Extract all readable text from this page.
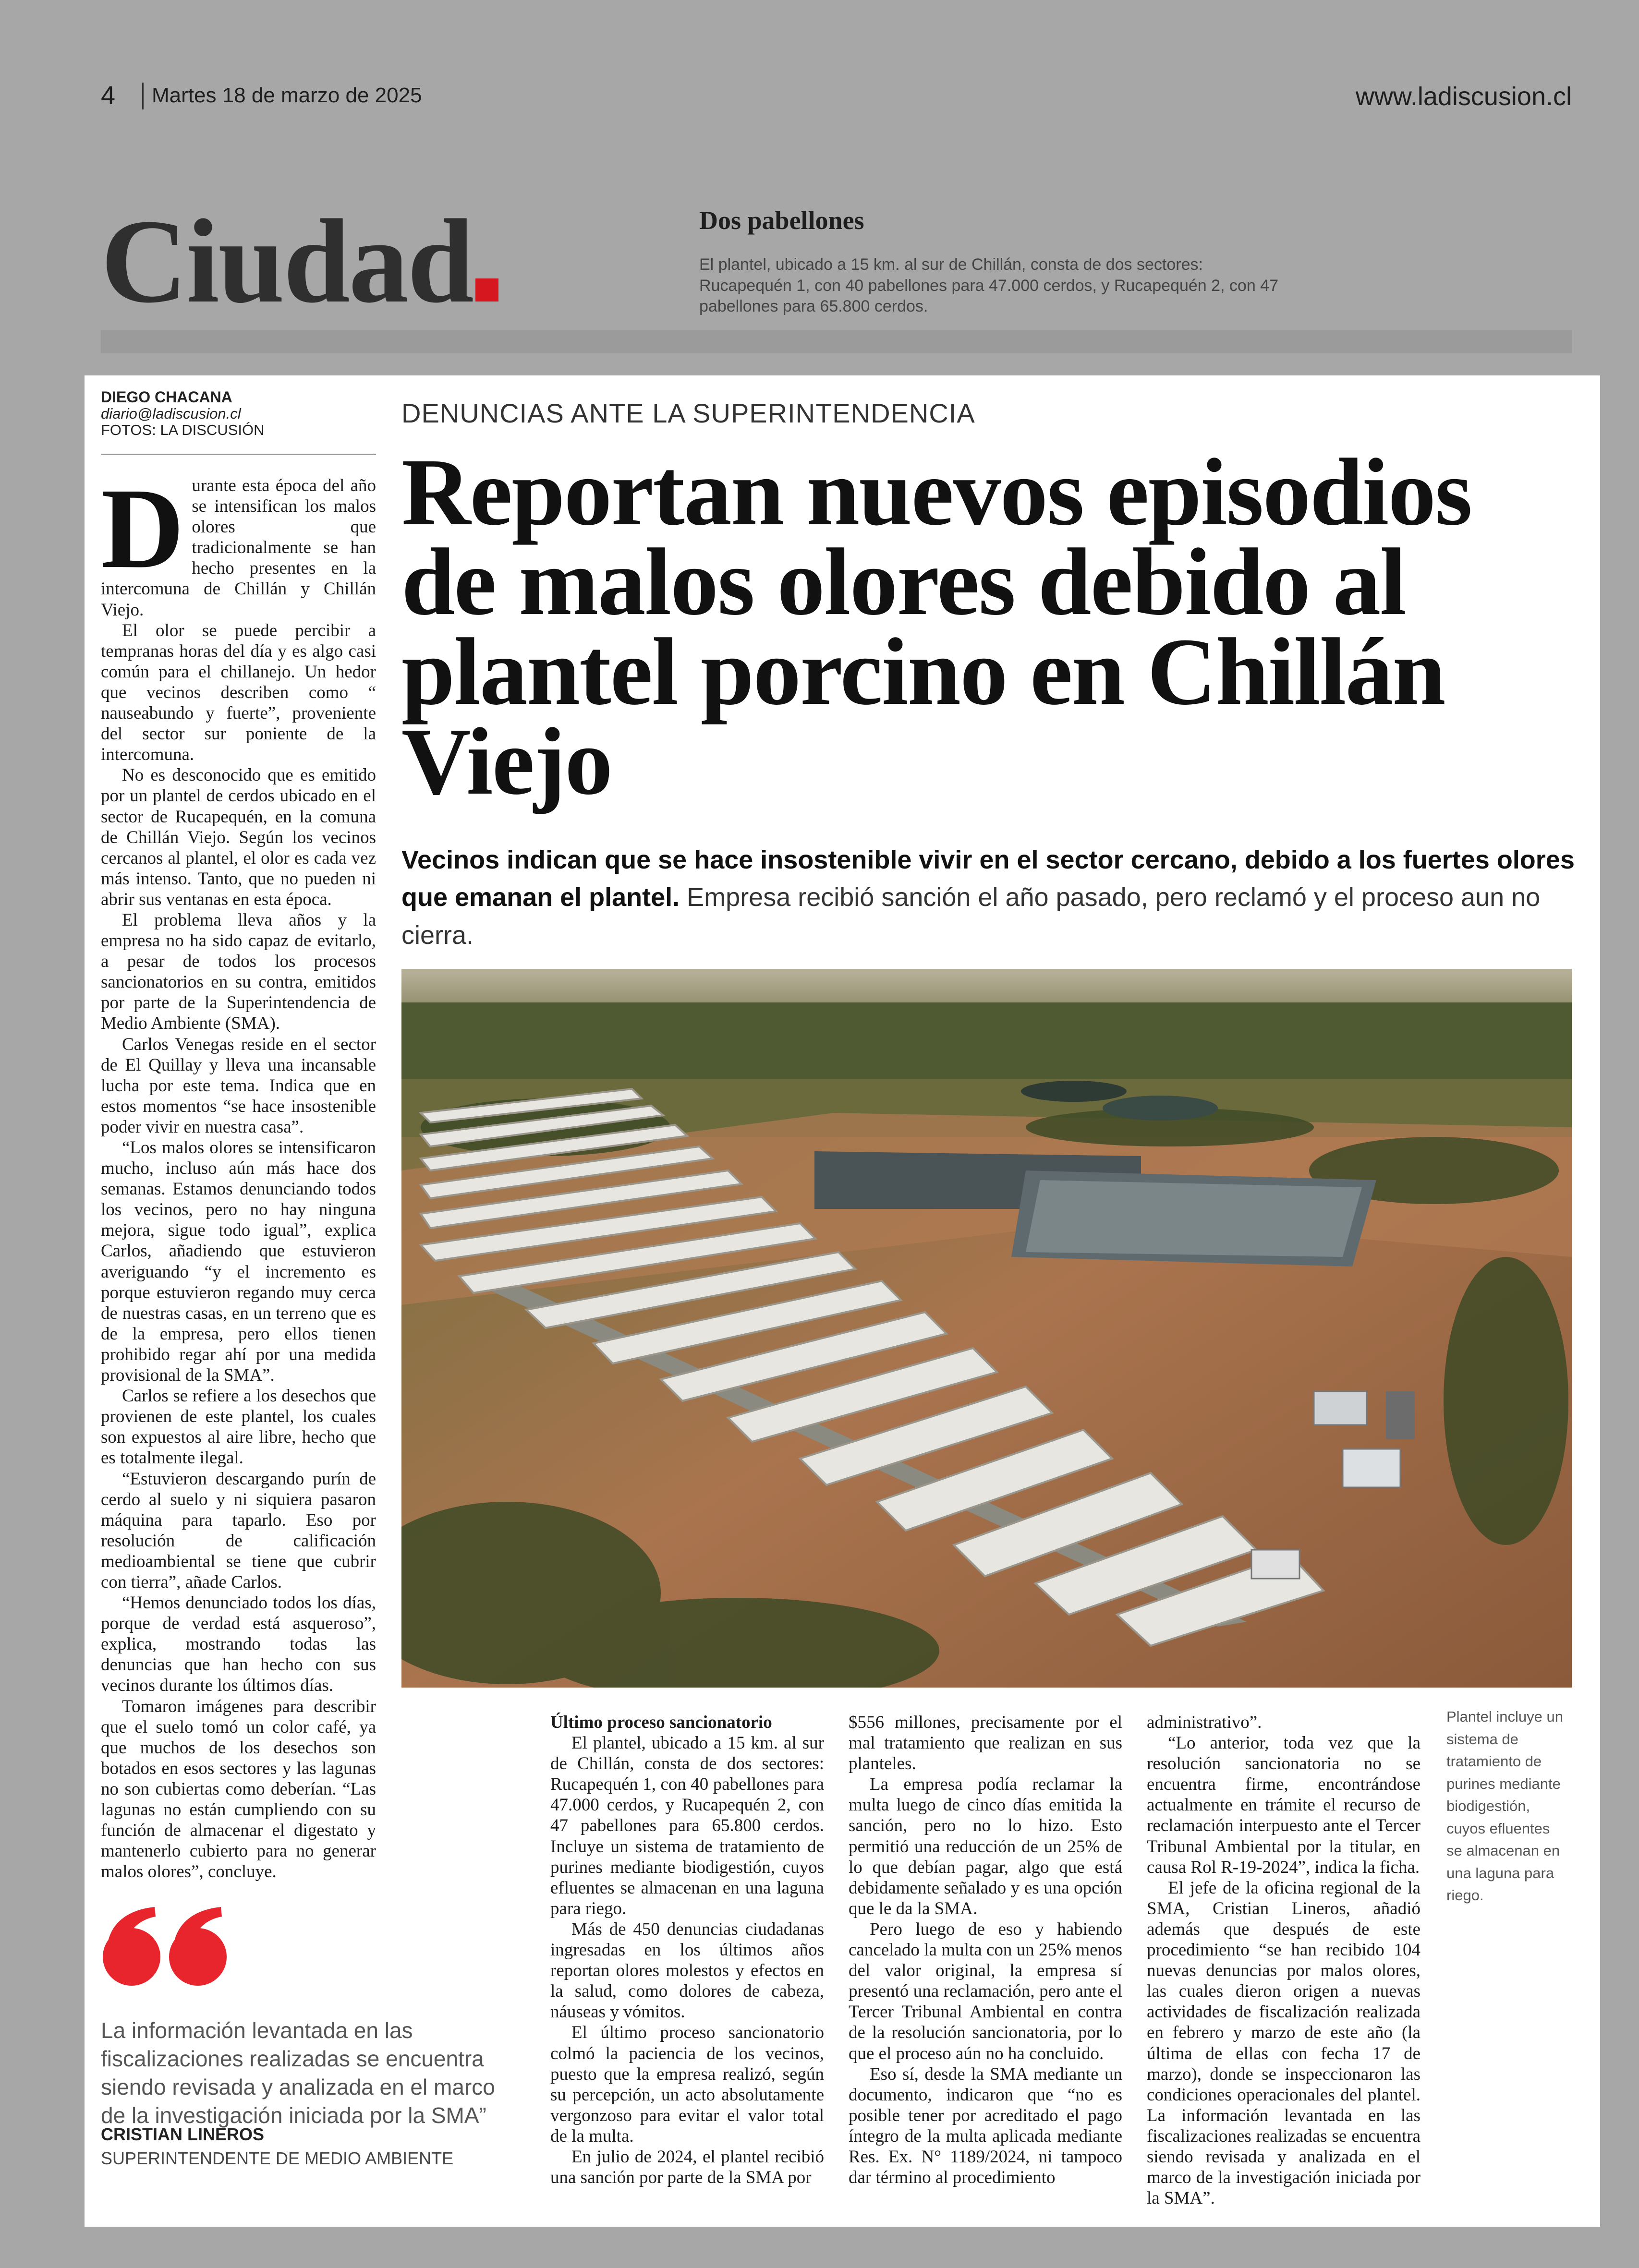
4 Martes 18 de marzo de 2025	www.ladiscusion.cl
Ciudad	Dos pabellones
El plantel, ubicado a 15 km. al sur de Chillán, consta de dos sectores: Rucapequén 1, con 40 pabellones para 47.000 cerdos, y Rucapequén 2, con 47 pabellones para 65.800 cerdos.
DIEGO CHACANA
diario@ladiscusion.cl
FOTOS: LA DISCUSIÓN
DENUNCIAS ANTE LA SUPERINTENDENCIA
Reportan nuevos episodios de malos olores debido al plantel porcino en Chillán Viejo
Vecinos indican que se hace insostenible vivir en el sector cercano, debido a los fuertes olores que emanan el plantel. Empresa recibió sanción el año pasado, pero reclamó y el proceso aun no cierra.
D urante esta época del año se intensifican los malos olores que tradicionalmente se han hecho presentes en la intercomuna de Chillán y Chillán Viejo.

El olor se puede percibir a tempranas horas del día y es algo casi común para el chillanejo. Un hedor que vecinos describen como “ nauseabundo y fuerte”, proveniente del sector sur poniente de la intercomuna.

No es desconocido que es emitido por un plantel de cerdos ubicado en el sector de Rucapequén, en la comuna de Chillán Viejo. Según los vecinos cercanos al plantel, el olor es cada vez más intenso. Tanto, que no pueden ni abrir sus ventanas en esta época.

El problema lleva años y la empresa no ha sido capaz de evitarlo, a pesar de todos los procesos sancionatorios en su contra, emitidos por parte de la Superintendencia de Medio Ambiente (SMA).

Carlos Venegas reside en el sector de El Quillay y lleva una incansable lucha por este tema. Indica que en estos momentos “se hace insostenible poder vivir en nuestra casa”.

“Los malos olores se intensificaron mucho, incluso aún más hace dos semanas. Estamos denunciando todos los vecinos, pero no hay ninguna mejora, sigue todo igual”, explica Carlos, añadiendo que estuvieron averiguando “y el incremento es porque estuvieron regando muy cerca de nuestras casas, en un terreno que es de la empresa, pero ellos tienen prohibido regar ahí por una medida provisional de la SMA”.

Carlos se refiere a los desechos que provienen de este plantel, los cuales son expuestos al aire libre, hecho que es totalmente ilegal.

“Estuvieron descargando purín de cerdo al suelo y ni siquiera pasaron máquina para taparlo. Eso por resolución de calificación medioambiental se tiene que cubrir con tierra”, añade Carlos.

“Hemos denunciado todos los días, porque de verdad está asqueroso”, explica, mostrando todas las denuncias que han hecho con sus vecinos durante los últimos días.

Tomaron imágenes para describir que el suelo tomó un color café, ya que muchos de los desechos son botados en esos sectores y las lagunas no son cubiertas como deberían. “Las lagunas no están cumpliendo con su función de almacenar el digestato y mantenerlo cubierto para no generar malos olores”, concluye.

Último proceso sancionatorio

El plantel, ubicado a 15 km. al sur de Chillán, consta de dos sectores: Rucapequén 1, con 40 pabellones para 47.000 cerdos, y Rucapequén 2, con 47 pabellones para 65.800 cerdos. Incluye un sistema de tratamiento de purines mediante biodigestión, cuyos efluentes se almacenan en una laguna para riego.

Más de 450 denuncias ciudadanas ingresadas en los últimos años reportan olores molestos y efectos en la salud, como dolores de cabeza, náuseas y vómitos.

El último proceso sancionatorio colmó la paciencia de los vecinos, puesto que la empresa realizó, según su percepción, un acto absolutamente vergonzoso para evitar el valor total de la multa.

En julio de 2024, el plantel recibió una sanción por parte de la SMA por

$556 millones, precisamente por el mal tratamiento que realizan en sus planteles.

La empresa podía reclamar la multa luego de cinco días emitida la sanción, pero no lo hizo. Esto permitió una reducción de un 25% de lo que debían pagar, algo que está debidamente señalado y es una opción que le da la SMA.

Pero luego de eso y habiendo cancelado la multa con un 25% menos del valor original, la empresa sí presentó una reclamación, pero ante el Tercer Tribunal Ambiental en contra de la resolución sancionatoria, por lo que el proceso aún no ha concluido.

Eso sí, desde la SMA mediante un documento, indicaron que “no es posible tener por acreditado el pago íntegro de la multa aplicada mediante Res. Ex. N° 1189/2024, ni tampoco dar término al procedimiento

administrativo”.

“Lo anterior, toda vez que la resolución sancionatoria no se encuentra firme, encontrándose actualmente en trámite el recurso de reclamación interpuesto ante el Tercer Tribunal Ambiental por la titular, en causa Rol R-19-2024”, indica la ficha.

El jefe de la oficina regional de la SMA, Cristian Lineros, añadió además que después de este procedimiento “se han recibido 104 nuevas denuncias por malos olores, las cuales dieron origen a nuevas actividades de fiscalización realizada en febrero y marzo de este año (la última de ellas con fecha 17 de marzo), donde se inspeccionaron las condiciones operacionales del plantel. La información levantada en las fiscalizaciones realizadas se encuentra siendo revisada y analizada en el marco de la investigación iniciada por la SMA”.

Plantel incluye un sistema de tratamiento de purines mediante biodigestión, cuyos efluentes se almacenan en una laguna para riego.
La información levantada en las fiscalizaciones realizadas se encuentra siendo revisada y analizada en el marco de la investigación iniciada por la SMA”
CRISTIAN LINEROS
SUPERINTENDENTE DE MEDIO AMBIENTE
